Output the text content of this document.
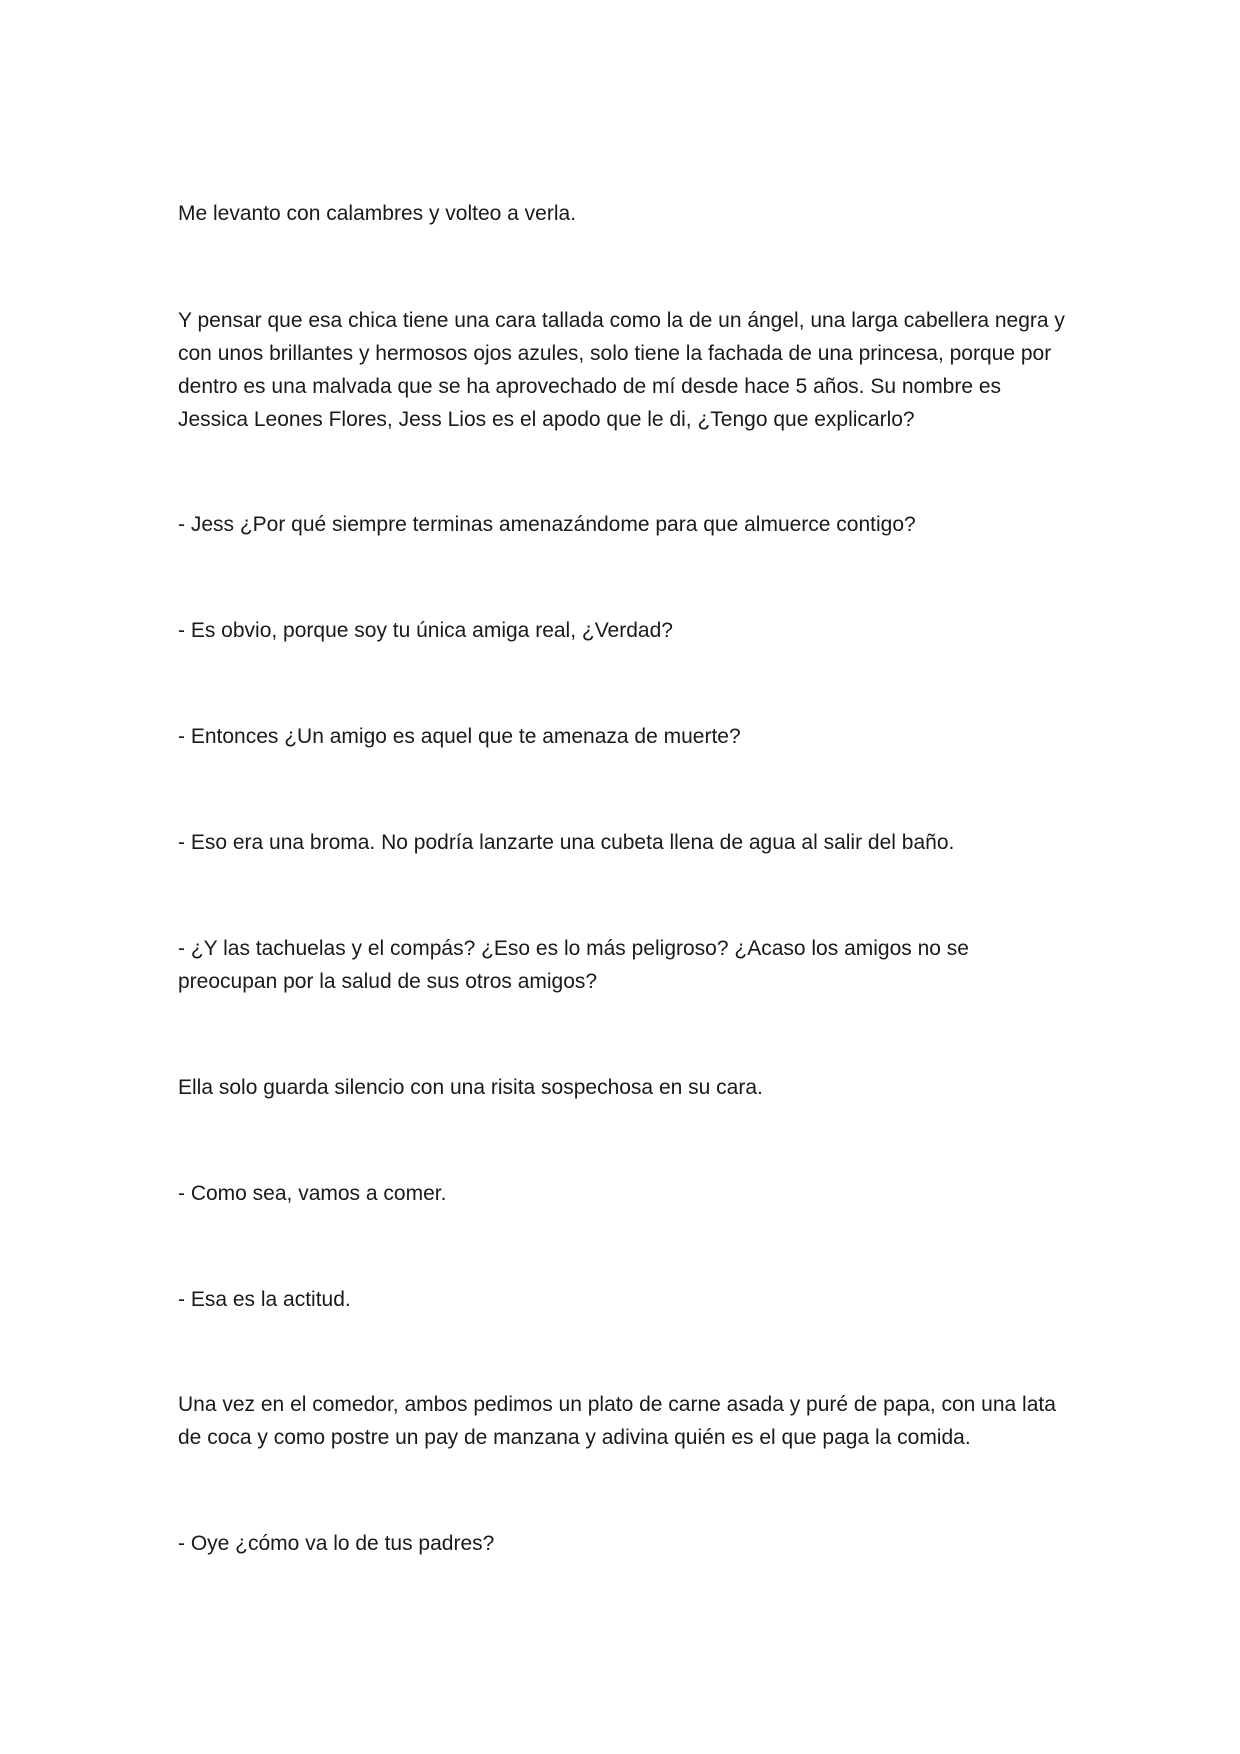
Me levanto con calambres y volteo a verla.

Y pensar que esa chica tiene una cara tallada como la de un ángel, una larga cabellera negra y con unos brillantes y hermosos ojos azules, solo tiene la fachada de una princesa, porque por dentro es una malvada que se ha aprovechado de mí desde hace 5 años. Su nombre es Jessica Leones Flores, Jess Lios es el apodo que le di, ¿Tengo que explicarlo?

- Jess ¿Por qué siempre terminas amenazándome para que almuerce contigo?

- Es obvio, porque soy tu única amiga real, ¿Verdad?

- Entonces ¿Un amigo es aquel que te amenaza de muerte?

- Eso era una broma. No podría lanzarte una cubeta llena de agua al salir del baño.

- ¿Y las tachuelas y el compás? ¿Eso es lo más peligroso? ¿Acaso los amigos no se preocupan por la salud de sus otros amigos?

Ella solo guarda silencio con una risita sospechosa en su cara.

- Como sea, vamos a comer.

- Esa es la actitud.

Una vez en el comedor, ambos pedimos un plato de carne asada y puré de papa, con una lata de coca y como postre un pay de manzana y adivina quién es el que paga la comida.

- Oye ¿cómo va lo de tus padres?
